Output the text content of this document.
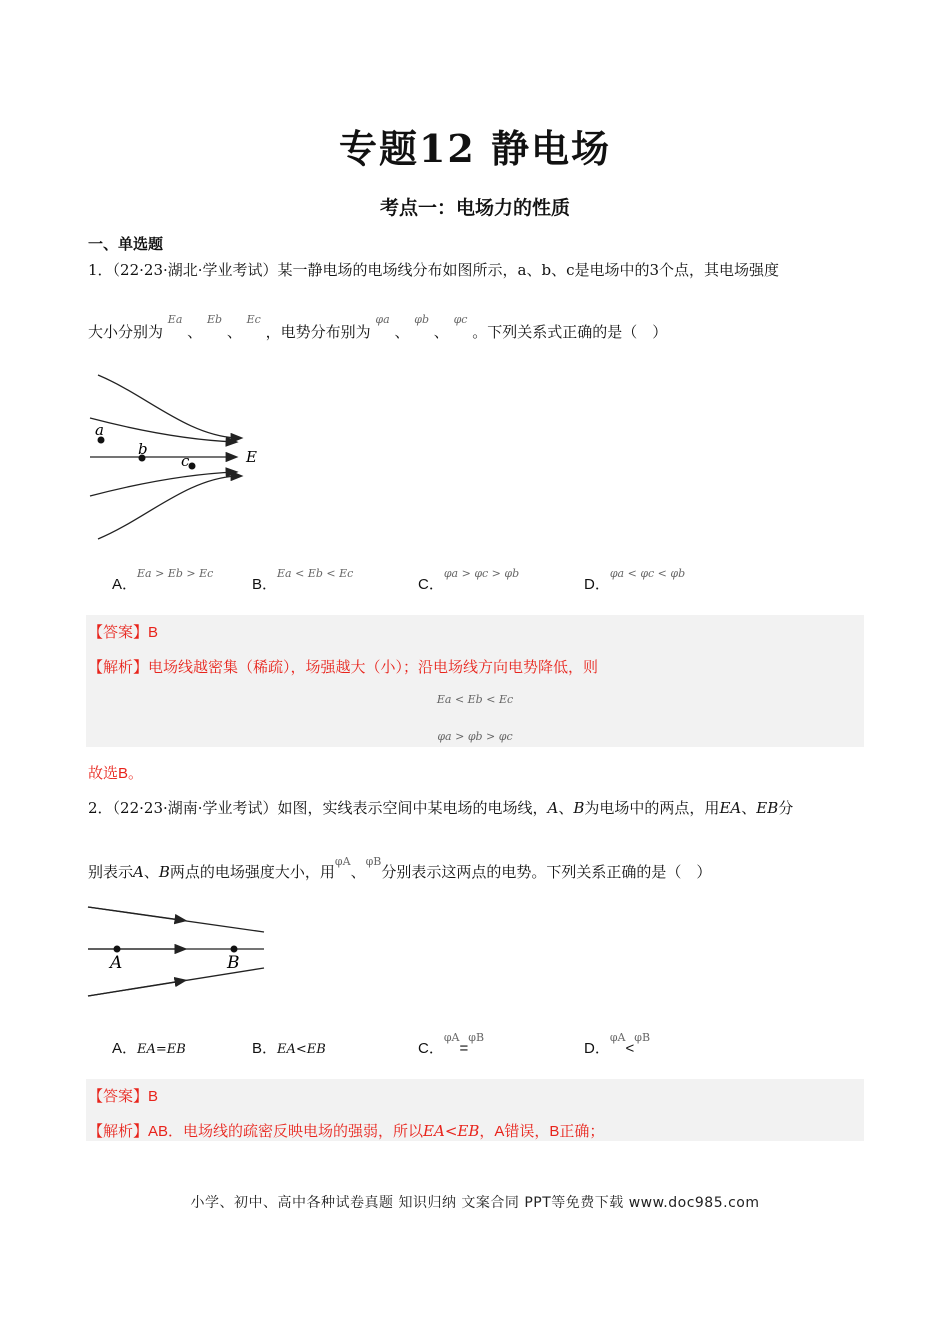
专题12 静电场
考点一：电场力的性质
一、单选题
1．（22·23·湖北·学业考试）某一静电场的电场线分布如图所示，a、b、c是电场中的3个点，其电场强度
大小分别为 $^{Ea}$ 、 $^{Eb}$ 、 $^{Ec}$ ，电势分布别为 $^{\varphi a}$ 、 $^{\varphi b}$ 、 $^{\varphi c}$ 。下列关系式正确的是（　）
a
b
c	E
A．$^{Ea > Eb > Ec}$
B．$^{Ea < Eb < Ec}$
C．$^{\varphi a > \varphi c > \varphi b}$
D．$^{\varphi a < \varphi c < \varphi b}$
【答案】B
【解析】电场线越密集（稀疏），场强越大（小）；沿电场线方向电势降低，则
Ea < Eb < Ec
φa > φb > φc
故选B。
2．（22·23·湖南·学业考试）如图，实线表示空间中某电场的电场线，A、B为电场中的两点，用EA、EB分
别表示A、B两点的电场强度大小，用$^{\varphi A}$、$^{\varphi B}$分别表示这两点的电势。下列关系正确的是（　）
A	B
A．EA=EB	B．EA<EB	C．$^{\varphi A}$=$^{\varphi B}$
D．$^{\varphi A}$<$^{\varphi B}$
【答案】B
【解析】AB．电场线的疏密反映电场的强弱，所以EA<EB，A错误，B正确；
小学、初中、高中各种试卷真题 知识归纳 文案合同 PPT等免费下载 www.doc985.com
